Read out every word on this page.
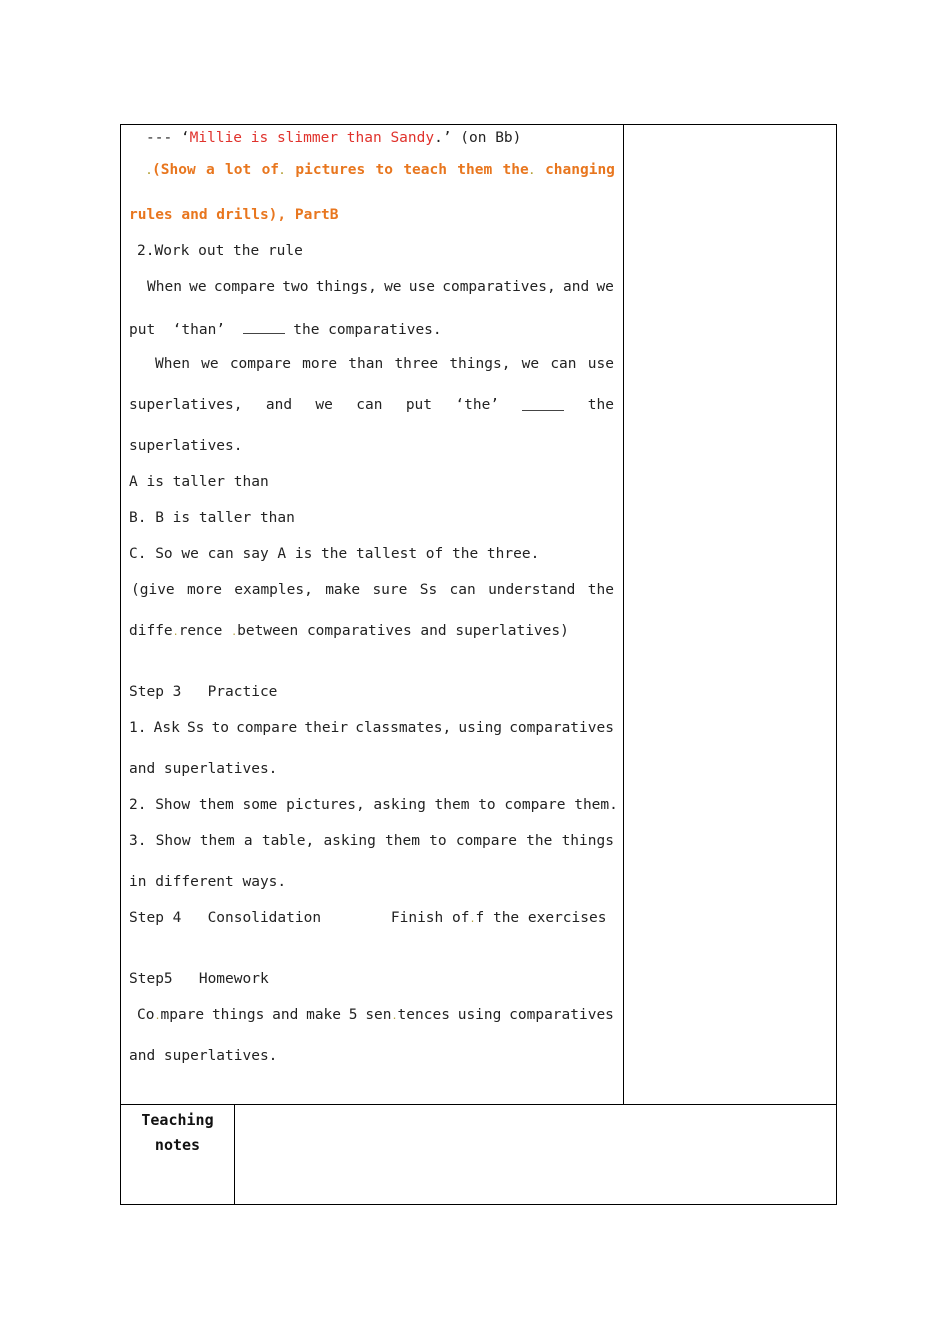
--- ‘Millie is slimmer than Sandy.’ (on Bb)
.(Show a lot of. pictures to teach them the. changing
rules and drills), PartB
2.Work out the rule
When we compare two things, we use comparatives, and we
put  ‘than’	the comparatives.
When we compare more than three things, we can use
superlatives, and we can put ‘the’	the
superlatives.
A is taller than
B. B is taller than
C. So we can say A is the tallest of the three.
(give more examples, make sure Ss can understand the
diffe.rence .between comparatives and superlatives)
Step 3   Practice
1. Ask Ss to compare their classmates, using comparatives
and superlatives.
2. Show them some pictures, asking them to compare them.
3. Show them a table, asking them to compare the things
in different ways.
Step 4   Consolidation        Finish of.f the exercises
Step5   Homework
Co.mpare things and make 5 sen.tences using comparatives
and superlatives.
Teaching
notes
